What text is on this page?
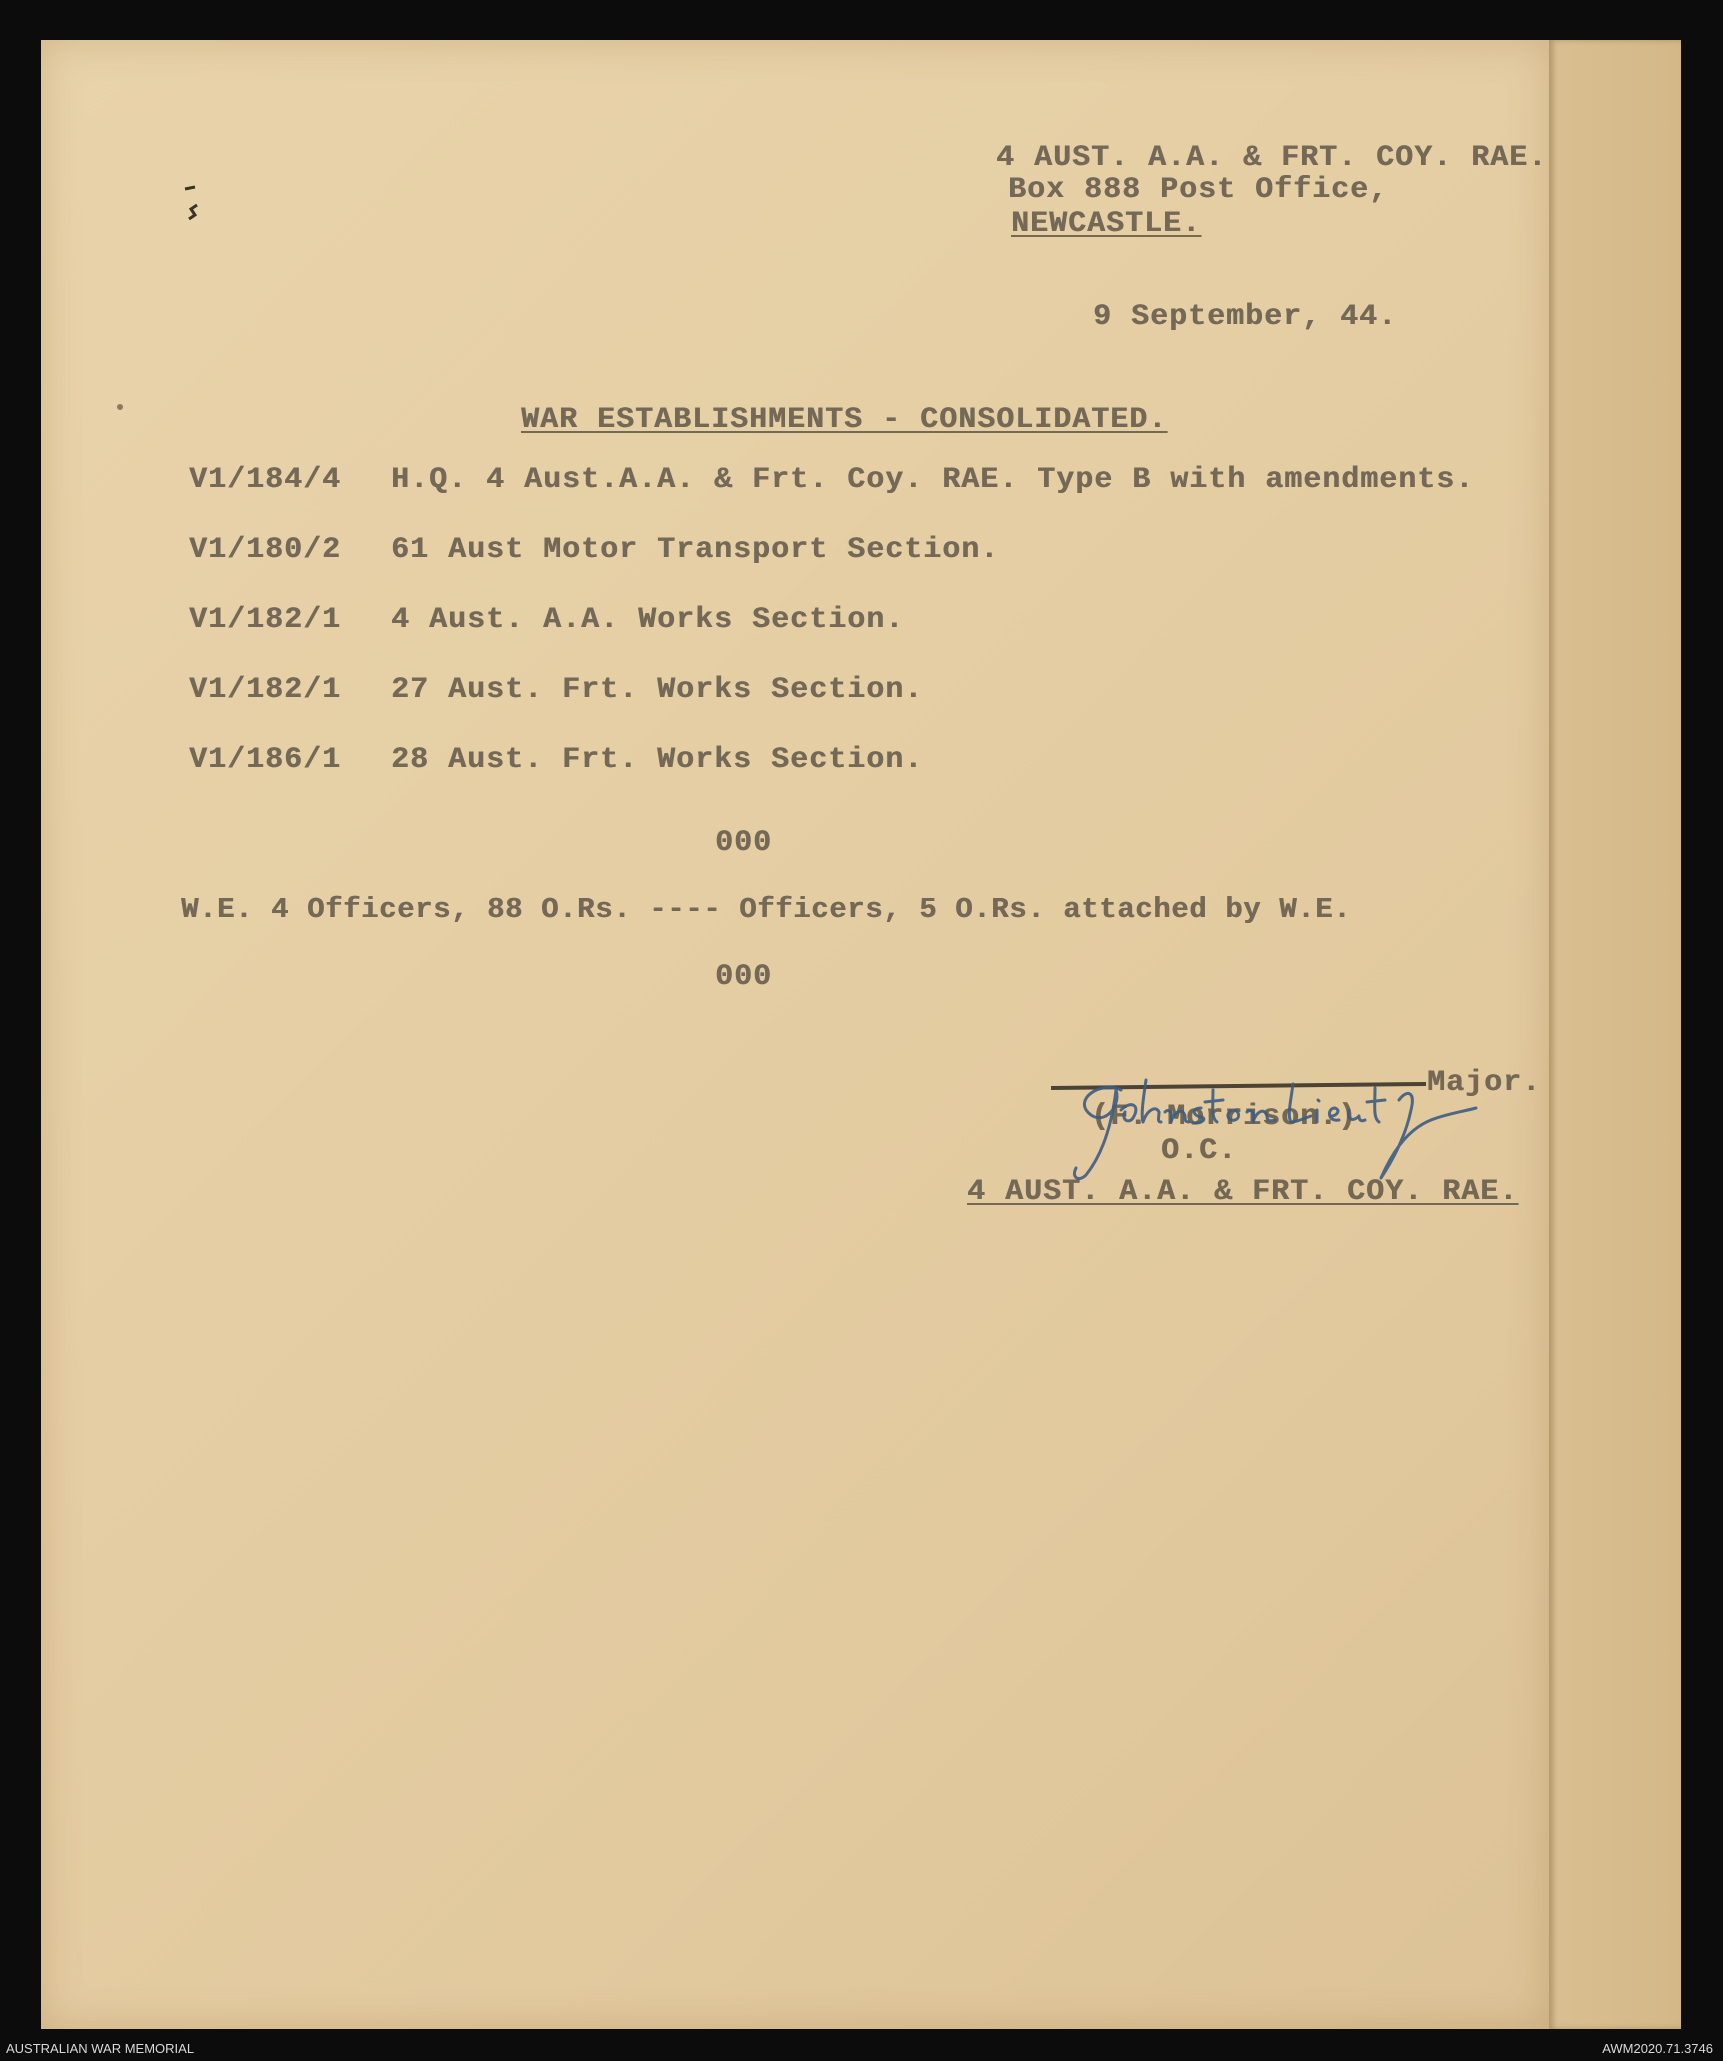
4 AUST. A.A. & FRT. COY. RAE.
Box 888 Post Office,
NEWCASTLE.
9 September, 44.
WAR ESTABLISHMENTS - CONSOLIDATED.
V1/184/4 H.Q. 4 Aust.A.A. & Frt. Coy. RAE. Type B with amendments.
V1/180/2 61 Aust Motor Transport Section.
V1/182/1 4 Aust. A.A. Works Section.
V1/182/1 27 Aust. Frt. Works Section.
V1/186/1 28 Aust. Frt. Works Section.
000
W.E. 4 Officers, 88 O.Rs. ---- Officers, 5 O.Rs. attached by W.E.
000
Major.
(F. Morrison.)
O.C.
4 AUST. A.A. & FRT. COY. RAE.
AUSTRALIAN WAR MEMORIAL	AWM2020.71.3746
